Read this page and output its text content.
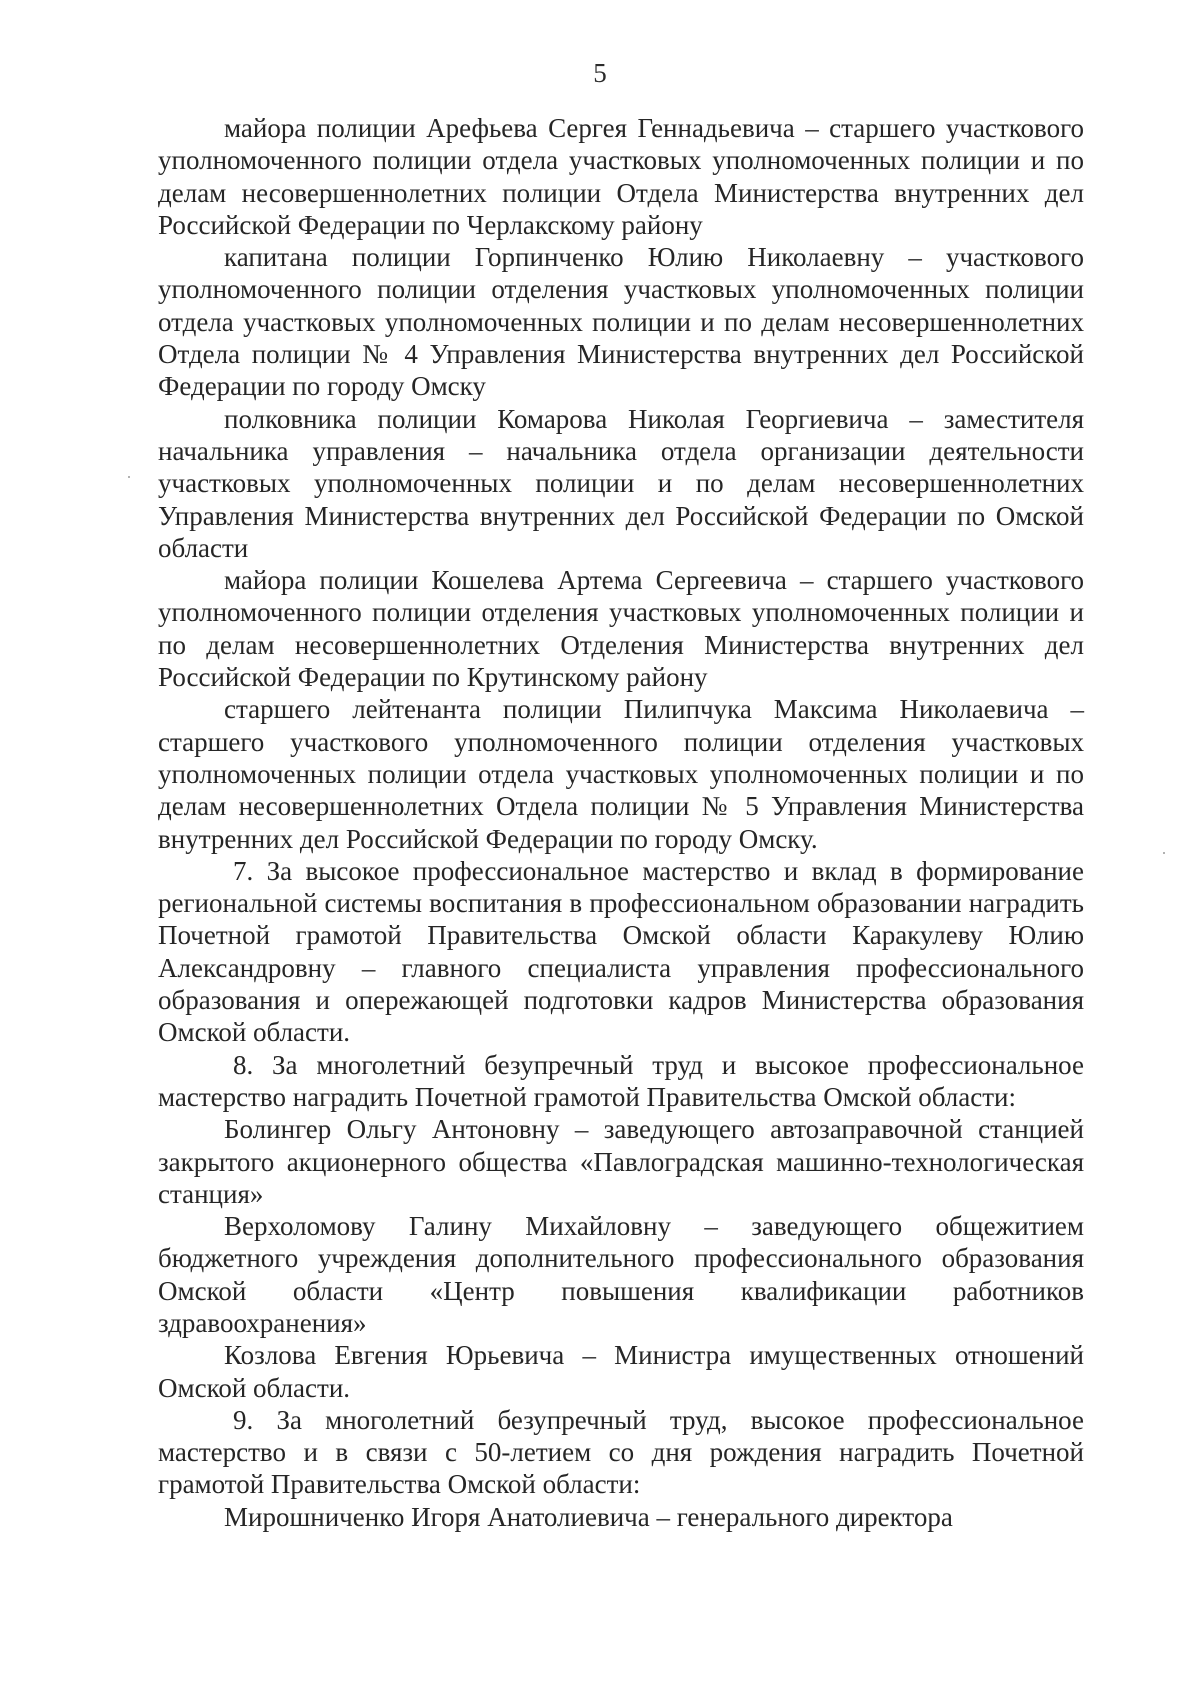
5

майора полиции Арефьева Сергея Геннадьевича – старшего участкового уполномоченного полиции отдела участковых уполномоченных полиции и по делам несовершеннолетних полиции Отдела Министерства внутренних дел Российской Федерации по Черлакскому району

капитана полиции Горпинченко Юлию Николаевну – участкового уполномоченного полиции отделения участковых уполномоченных полиции отдела участковых уполномоченных полиции и по делам несовершеннолетних Отдела полиции № 4 Управления Министерства внутренних дел Российской Федерации по городу Омску

полковника полиции Комарова Николая Георгиевича – заместителя начальника управления – начальника отдела организации деятельности участковых уполномоченных полиции и по делам несовершеннолетних Управления Министерства внутренних дел Российской Федерации по Омской области

майора полиции Кошелева Артема Сергеевича – старшего участкового уполномоченного полиции отделения участковых уполномоченных полиции и по делам несовершеннолетних Отделения Министерства внутренних дел Российской Федерации по Крутинскому району

старшего лейтенанта полиции Пилипчука Максима Николаевича – старшего участкового уполномоченного полиции отделения участковых уполномоченных полиции отдела участковых уполномоченных полиции и по делам несовершеннолетних Отдела полиции № 5 Управления Министерства внутренних дел Российской Федерации по городу Омску.

7. За высокое профессиональное мастерство и вклад в формирование региональной системы воспитания в профессиональном образовании наградить Почетной грамотой Правительства Омской области Каракулеву Юлию Александровну – главного специалиста управления профессионального образования и опережающей подготовки кадров Министерства образования Омской области.

8. За многолетний безупречный труд и высокое профессиональное мастерство наградить Почетной грамотой Правительства Омской области:

Болингер Ольгу Антоновну – заведующего автозаправочной станцией закрытого акционерного общества «Павлоградская машинно-технологическая станция»

Верхоломову Галину Михайловну – заведующего общежитием бюджетного учреждения дополнительного профессионального образования Омской области «Центр повышения квалификации работников здравоохранения»

Козлова Евгения Юрьевича – Министра имущественных отношений Омской области.

9. За многолетний безупречный труд, высокое профессиональное мастерство и в связи с 50-летием со дня рождения наградить Почетной грамотой Правительства Омской области:

Мирошниченко Игоря Анатолиевича – генерального директора
